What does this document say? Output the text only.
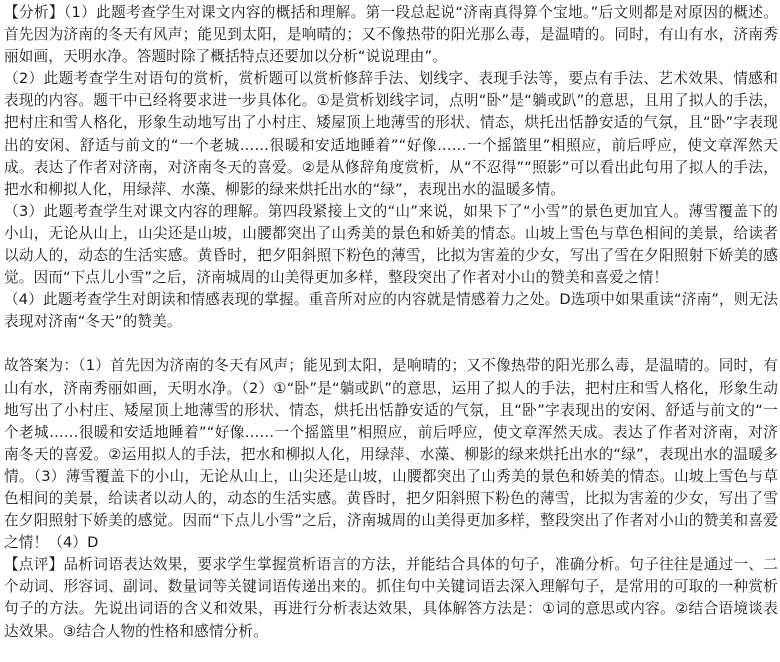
【分析】（1）此题考查学生对课文内容的概括和理解。第一段总起说“济南真得算个宝地。”后文则都是对原因的概述。首先因为济南的冬天有风声；能见到太阳，是响晴的；又不像热带的阳光那么毒，是温晴的。同时，有山有水，济南秀丽如画，天明水净。答题时除了概括特点还要加以分析“说说理由”。

（2）此题考查学生对语句的赏析，赏析题可以赏析修辞手法、划线字、表现手法等，要点有手法、艺术效果、情感和表现的内容。题干中已经将要求进一步具体化。①是赏析划线字词，点明“卧”是“躺或趴”的意思，且用了拟人的手法，把村庄和雪人格化，形象生动地写出了小村庄、矮屋顶上地薄雪的形状、情态，烘托出恬静安适的气氛，且“卧”字表现出的安闲、舒适与前文的“一个老城……很暖和安适地睡着”“好像……一个摇篮里”相照应，前后呼应，使文章浑然天成。表达了作者对济南，对济南冬天的喜爱。②是从修辞角度赏析，从“不忍得”“照影”可以看出此句用了拟人的手法，把水和柳拟人化，用绿萍、水藻、柳影的绿来烘托出水的“绿”，表现出水的温暖多情。

（3）此题考查学生对课文内容的理解。第四段紧接上文的“山”来说，如果下了“小雪”的景色更加宜人。薄雪覆盖下的小山，无论从山上，山尖还是山坡，山腰都突出了山秀美的景色和娇美的情态。山坡上雪色与草色相间的美景，给读者以动人的，动态的生活实感。黄昏时，把夕阳斜照下粉色的薄雪，比拟为害羞的少女，写出了雪在夕阳照射下娇美的感觉。因而“下点儿小雪”之后，济南城周的山美得更加多样，整段突出了作者对小山的赞美和喜爱之情！

（4）此题考查学生对朗读和情感表现的掌握。重音所对应的内容就是情感着力之处。D选项中如果重读“济南”，则无法表现对济南“冬天”的赞美。

故答案为：（1）首先因为济南的冬天有风声；能见到太阳，是响晴的；又不像热带的阳光那么毒，是温晴的。同时，有山有水，济南秀丽如画，天明水净。（2）①“卧”是“躺或趴”的意思，运用了拟人的手法，把村庄和雪人格化，形象生动地写出了小村庄、矮屋顶上地薄雪的形状、情态，烘托出恬静安适的气氛，且“卧”字表现出的安闲、舒适与前文的“一个老城……很暖和安适地睡着”“好像……一个摇篮里”相照应，前后呼应，使文章浑然天成。表达了作者对济南，对济南冬天的喜爱。②运用拟人的手法，把水和柳拟人化，用绿萍、水藻、柳影的绿来烘托出水的“绿”，表现出水的温暖多情。（3）薄雪覆盖下的小山，无论从山上，山尖还是山坡，山腰都突出了山秀美的景色和娇美的情态。山坡上雪色与草色相间的美景，给读者以动人的，动态的生活实感。黄昏时，把夕阳斜照下粉色的薄雪，比拟为害羞的少女，写出了雪在夕阳照射下娇美的感觉。因而“下点儿小雪”之后，济南城周的山美得更加多样，整段突出了作者对小山的赞美和喜爱之情！（4）D

【点评】品析词语表达效果，要求学生掌握赏析语言的方法，并能结合具体的句子，准确分析。句子往往是通过一、二个动词、形容词、副词、数量词等关键词语传递出来的。抓住句中关键词语去深入理解句子，是常用的可取的一种赏析句子的方法。先说出词语的含义和效果，再进行分析表达效果，具体解答方法是：①词的意思或内容。②结合语境谈表达效果。③结合人物的性格和感情分析。
